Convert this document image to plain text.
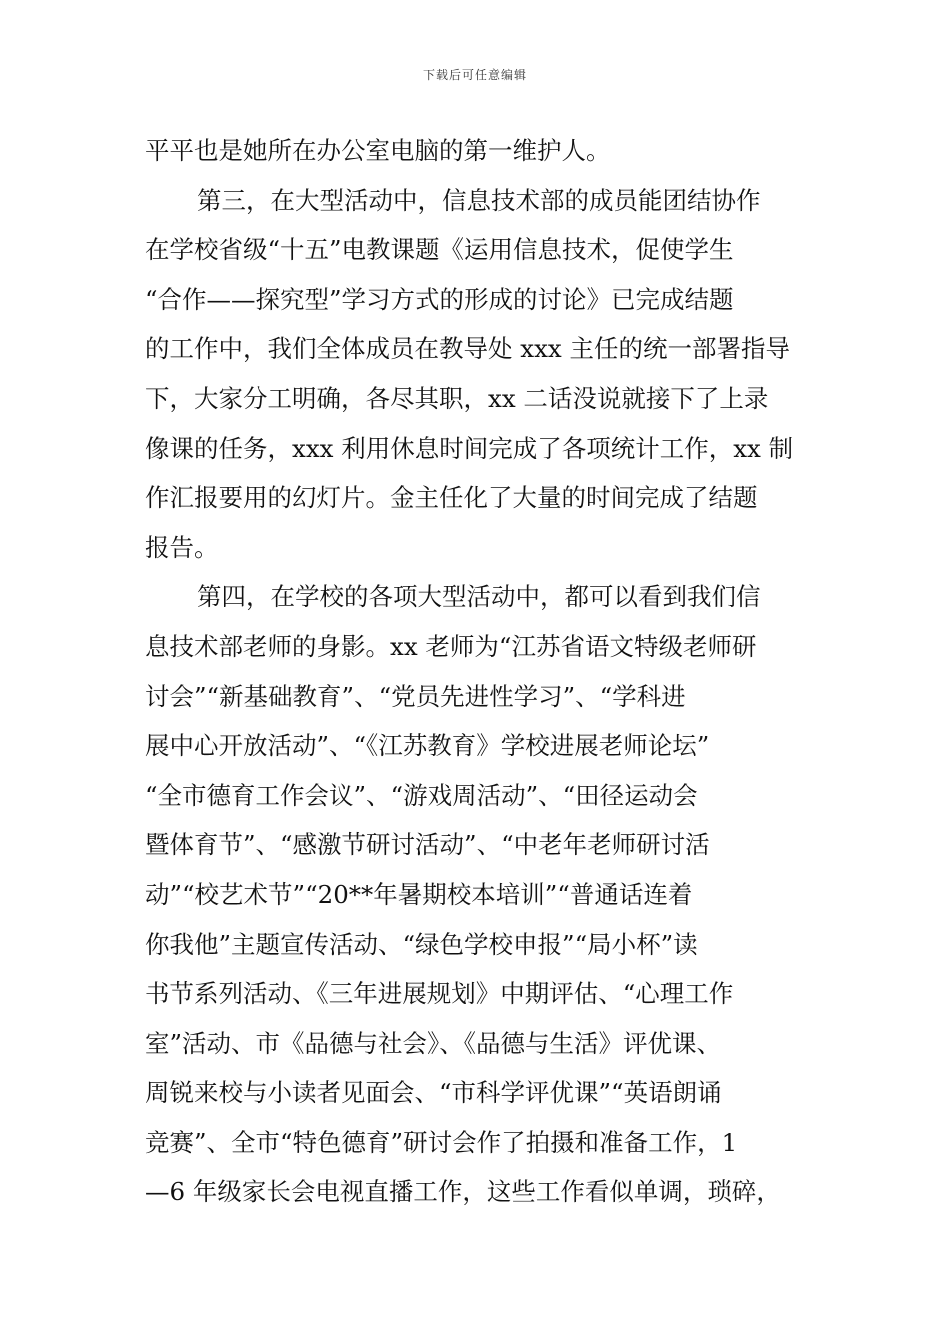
下载后可任意编辑
平平也是她所在办公室电脑的第一维护人。
第三，在大型活动中，信息技术部的成员能团结协作
在学校省级“十五”电教课题《运用信息技术，促使学生
“合作——探究型”学习方式的形成的讨论》已完成结题
的工作中，我们全体成员在教导处 xxx 主任的统一部署指导
下，大家分工明确，各尽其职，xx 二话没说就接下了上录
像课的任务，xxx 利用休息时间完成了各项统计工作，xx 制
作汇报要用的幻灯片。金主任化了大量的时间完成了结题
报告。
第四，在学校的各项大型活动中，都可以看到我们信
息技术部老师的身影。xx 老师为“江苏省语文特级老师研
讨会”“新基础教育”、“党员先进性学习”、“学科进
展中心开放活动”、“《江苏教育》学校进展老师论坛”
“全市德育工作会议”、“游戏周活动”、“田径运动会
暨体育节”、“感激节研讨活动”、“中老年老师研讨活
动”“校艺术节”“20**年暑期校本培训”“普通话连着
你我他”主题宣传活动、“绿色学校申报”“局小杯”读
书节系列活动、《三年进展规划》中期评估、“心理工作
室”活动、市《品德与社会》、《品德与生活》评优课、
周锐来校与小读者见面会、“市科学评优课”“英语朗诵
竞赛”、全市“特色德育”研讨会作了拍摄和准备工作，1
—6 年级家长会电视直播工作，这些工作看似单调，琐碎，
